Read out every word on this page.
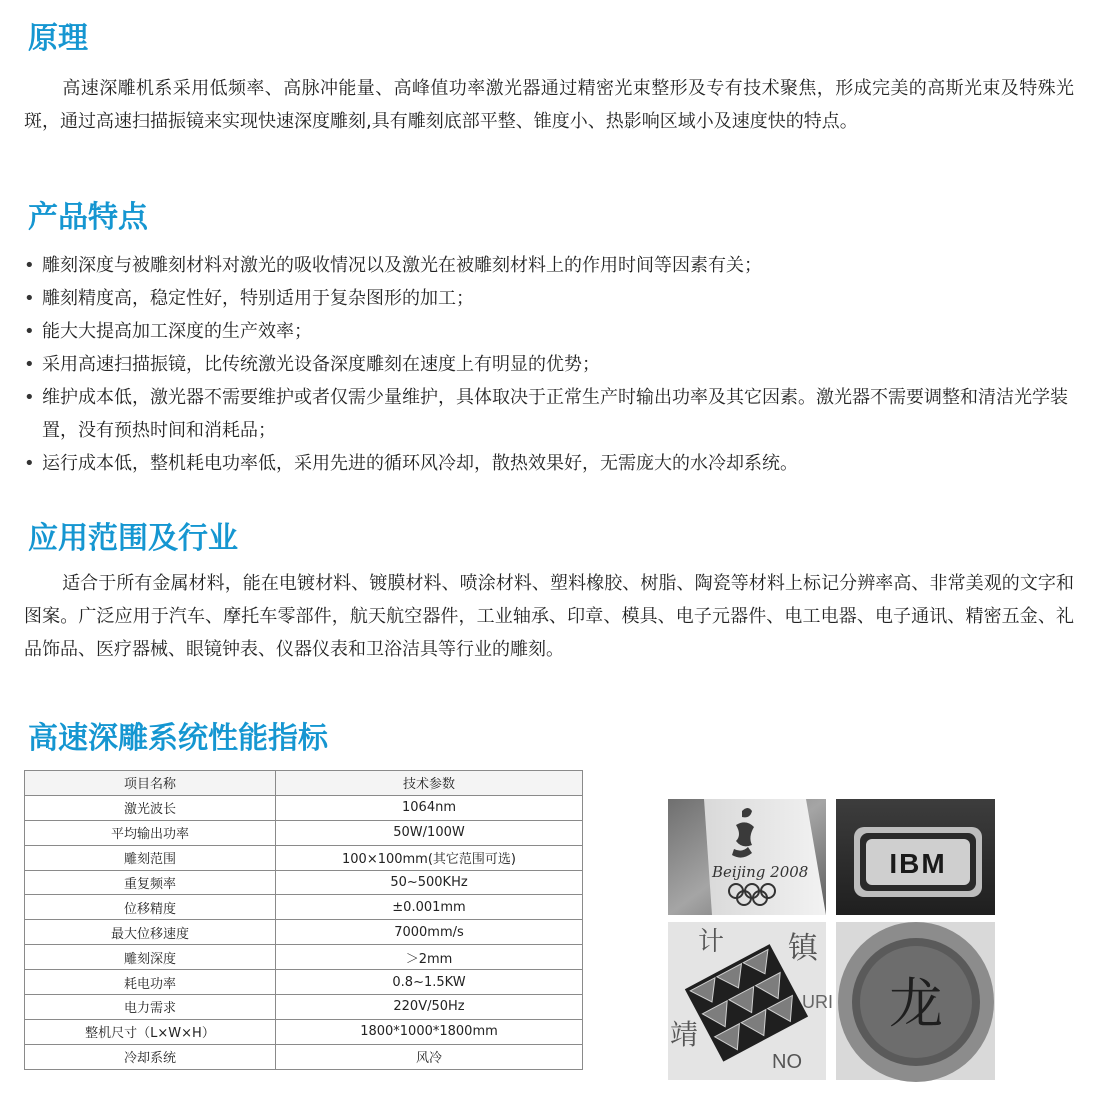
原理

高速深雕机系采用低频率、高脉冲能量、高峰值功率激光器通过精密光束整形及专有技术聚焦，形成完美的高斯光束及特殊光斑，通过高速扫描振镜来实现快速深度雕刻,具有雕刻底部平整、锥度小、热影响区域小及速度快的特点。

产品特点
• 雕刻深度与被雕刻材料对激光的吸收情况以及激光在被雕刻材料上的作用时间等因素有关；
• 雕刻精度高，稳定性好，特别适用于复杂图形的加工；
• 能大大提高加工深度的生产效率；
• 采用高速扫描振镜，比传统激光设备深度雕刻在速度上有明显的优势；
• 维护成本低，激光器不需要维护或者仅需少量维护，具体取决于正常生产时输出功率及其它因素。激光器不需要调整和清洁光学装置，没有预热时间和消耗品；
• 运行成本低，整机耗电功率低，采用先进的循环风冷却，散热效果好，无需庞大的水冷却系统。
应用范围及行业

适合于所有金属材料，能在电镀材料、镀膜材料、喷涂材料、塑料橡胶、树脂、陶瓷等材料上标记分辨率高、非常美观的文字和图案。广泛应用于汽车、摩托车零部件，航天航空器件，工业轴承、印章、模具、电子元器件、电工电器、电子通讯、精密五金、礼品饰品、医疗器械、眼镜钟表、仪器仪表和卫浴洁具等行业的雕刻。

高速深雕系统性能指标
项目名称	技术参数
激光波长	1064nm
平均输出功率	50W/100W
雕刻范围	100×100mm(其它范围可选)
重复频率	50~500KHz
位移精度	±0.001mm
最大位移速度	7000mm/s
雕刻深度	＞2mm
耗电功率	0.8~1.5KW
电力需求	220V/50Hz
整机尺寸（L×W×H）	1800*1000*1800mm
冷却系统	风冷
Beijing 2008	IBM
计 镇
靖
URI
NO
龙
